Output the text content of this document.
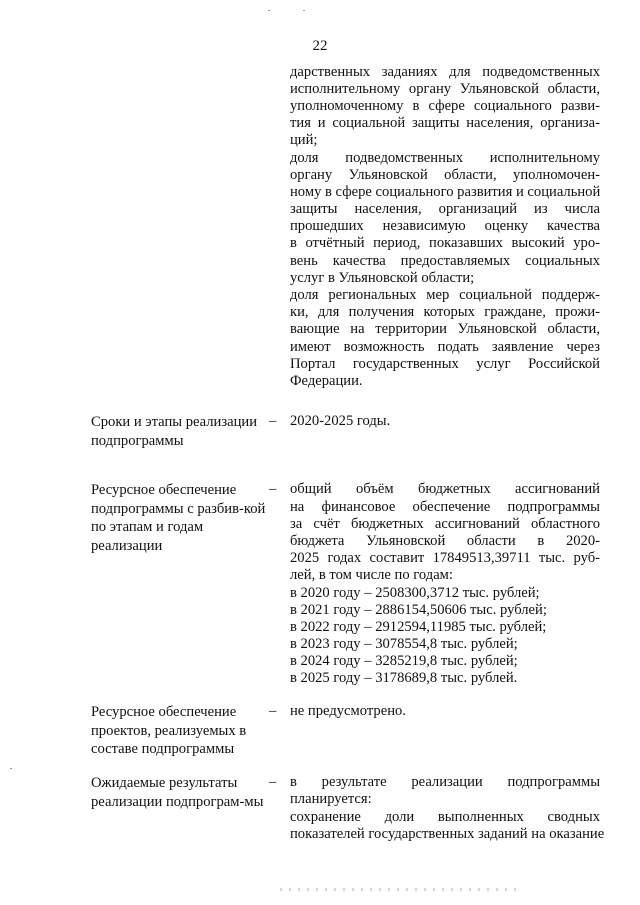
22
дарственных заданиях для подведомственных
исполнительному органу Ульяновской области,
уполномоченному в сфере социального разви-
тия и социальной защиты населения, организа-
ций;
доля подведомственных исполнительному
органу Ульяновской области, уполномочен-
ному в сфере социального развития и социальной
защиты населения, организаций из числа
прошедших независимую оценку качества
в отчётный период, показавших высокий уро-
вень качества предоставляемых социальных
услуг в Ульяновской области;
доля региональных мер социальной поддерж-
ки, для получения которых граждане, прожи-
вающие на территории Ульяновской области,
имеют возможность подать заявление через
Портал государственных услуг Российской
Федерации.
Сроки и этапы реализации подпрограммы
– 2020-2025 годы.
Ресурсное обеспечение подпрограммы с разбив-кой по этапам и годам реализации
– общий объём бюджетных ассигнований
на финансовое обеспечение подпрограммы
за счёт бюджетных ассигнований областного
бюджета Ульяновской области в 2020-
2025 годах составит 17849513,39711 тыс. руб-
лей, в том числе по годам:
в 2020 году – 2508300,3712 тыс. рублей;
в 2021 году – 2886154,50606 тыс. рублей;
в 2022 году – 2912594,11985 тыс. рублей;
в 2023 году – 3078554,8 тыс. рублей;
в 2024 году – 3285219,8 тыс. рублей;
в 2025 году – 3178689,8 тыс. рублей.
Ресурсное обеспечение проектов, реализуемых в составе подпрограммы
– не предусмотрено.
Ожидаемые результаты реализации подпрограм-мы
– в результате реализации подпрограммы
планируется:
сохранение доли выполненных сводных
показателей государственных заданий на оказание
